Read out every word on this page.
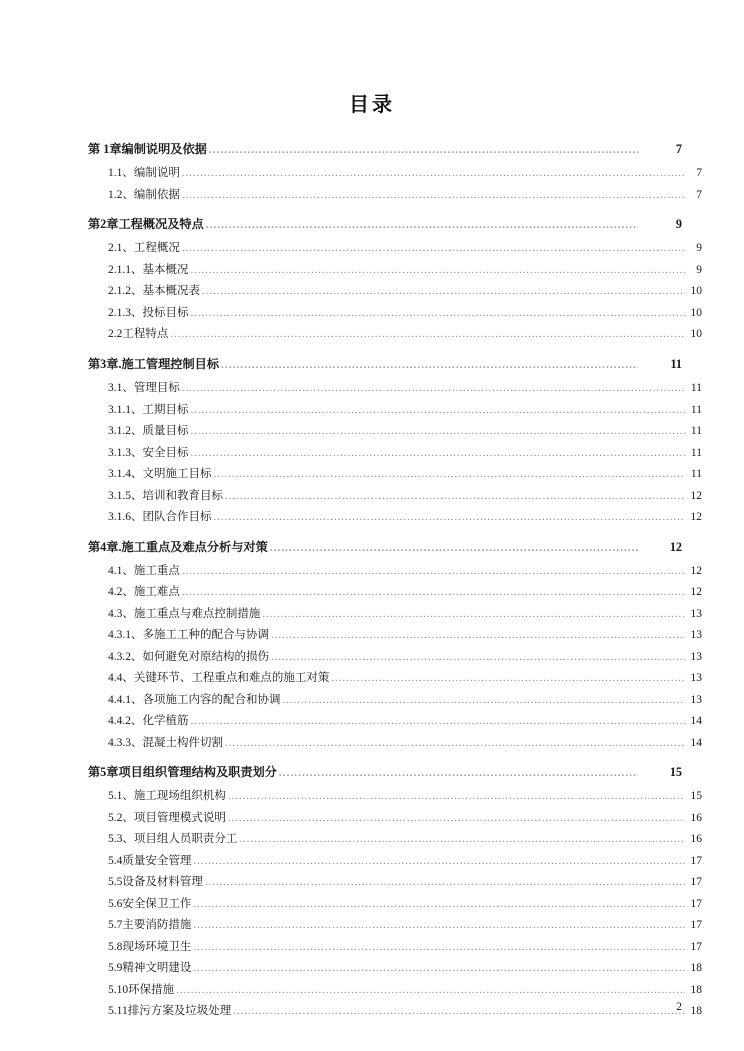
目录
第 1章编制说明及依据 .....	7
1.1、编制说明 .....	7
1.2、编制依据 .....	7
第2章工程概况及特点 .....	9
2.1、工程概况 .....	9
2.1.1、基本概况 .....	9
2.1.2、基本概况表 .....	10
2.1.3、投标目标 .....	10
2.2工程特点 .....	10
第3章.施工管理控制目标 .....	11
3.1、管理目标 .....	11
3.1.1、工期目标 .....	11
3.1.2、质量目标 .....	11
3.1.3、安全目标 .....	11
3.1.4、文明施工目标 .....	11
3.1.5、培训和教育目标 .....	12
3.1.6、团队合作目标 .....	12
第4章.施工重点及难点分析与对策 .....	12
4.1、施工重点 .....	12
4.2、施工难点 .....	12
4.3、施工重点与难点控制措施 .....	13
4.3.1、多施工工种的配合与协调 .....	13
4.3.2、如何避免对原结构的损伤 .....	13
4.4、关键环节、工程重点和难点的施工对策 .....	13
4.4.1、各项施工内容的配合和协调 .....	13
4.4.2、化学植筋 .....	14
4.3.3、混凝土构件切割 .....	14
第5章项目组织管理结构及职责划分 .....	15
5.1、施工现场组织机构 .....	15
5.2、项目管理模式说明 .....	16
5.3、项目组人员职责分工 .....	16
5.4质量安全管理 .....	17
5.5设备及材料管理 .....	17
5.6安全保卫工作 .....	17
5.7主要消防措施 .....	17
5.8现场环境卫生 .....	17
5.9精神文明建设 .....	18
5.10环保措施 .....	18
5.11排污方案及垃圾处理 .....	18
2
